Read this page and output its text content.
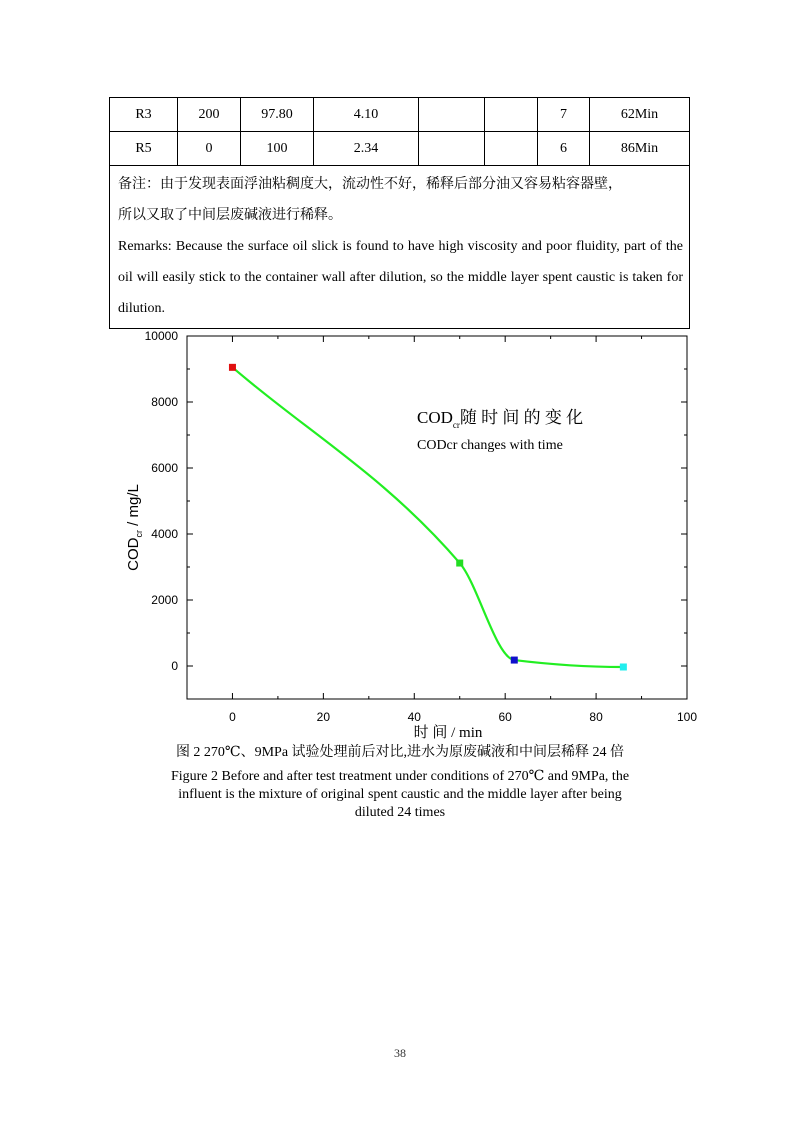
R3	200	97.80	4.10			7	62Min
R5	0	100	2.34			6	86Min

备注：由于发现表面浮油粘稠度大，流动性不好，稀释后部分油又容易粘容器壁，
所以又取了中间层废碱液进行稀释。
Remarks: Because the surface oil slick is found to have high viscosity and poor fluidity, part of the oil will easily stick to the container wall after dilution, so the middle layer spent caustic is taken for dilution.							
0
2000
4000
6000
8000
10000
0	20	40	60	80	100
$COD_{cr}$随 时 间 的 变 化
CODcr changes with time
$COD_{cr} / mg/L$
时 间 / min
图 2 270℃、9MPa 试验处理前后对比,进水为原废碱液和中间层稀释 24 倍
Figure 2 Before and after test treatment under conditions of 270℃ and 9MPa, the
influent is the mixture of original spent caustic and the middle layer after being
diluted 24 times
38
